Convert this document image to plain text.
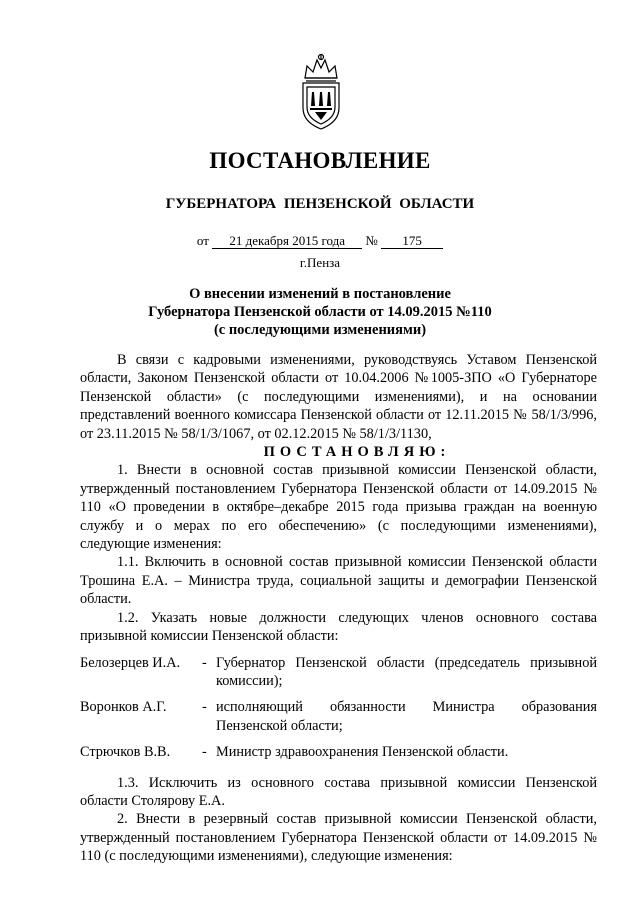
ПОСТАНОВЛЕНИЕ
ГУБЕРНАТОРА ПЕНЗЕНСКОЙ ОБЛАСТИ
от 21 декабря 2015 года № 175
г.Пенза
О внесении изменений в постановление
Губернатора Пензенской области от 14.09.2015 №110
(с последующими изменениями)

В связи с кадровыми изменениями, руководствуясь Уставом Пензенской области, Законом Пензенской области от 10.04.2006 №1005-ЗПО «О Губернаторе Пензенской области» (с последующими изменениями), и на основании представлений военного комиссара Пензенской области от 12.11.2015 № 58/1/3/996, от 23.11.2015 № 58/1/3/1067, от 02.12.2015 № 58/1/3/1130,

ПОСТАНОВЛЯЮ:

1. Внести в основной состав призывной комиссии Пензенской области, утвержденный постановлением Губернатора Пензенской области от 14.09.2015 № 110 «О проведении в октябре–декабре 2015 года призыва граждан на военную службу и о мерах по его обеспечению» (с последующими изменениями), следующие изменения:

1.1. Включить в основной состав призывной комиссии Пензенской области Трошина Е.А. – Министра труда, социальной защиты и демографии Пензенской области.

1.2. Указать новые должности следующих членов основного состава призывной комиссии Пензенской области:

Белозерцев И.А.	- Губернатор Пензенской области (председатель призывной комиссии);
Воронков А.Г.	- исполняющий обязанности Министра образования Пензенской области;
Стрючков В.В.	- Министр здравоохранения Пензенской области.

1.3. Исключить из основного состава призывной комиссии Пензенской области Столярову Е.А.

2. Внести в резервный состав призывной комиссии Пензенской области, утвержденный постановлением Губернатора Пензенской области от 14.09.2015 № 110 (с последующими изменениями), следующие изменения:
